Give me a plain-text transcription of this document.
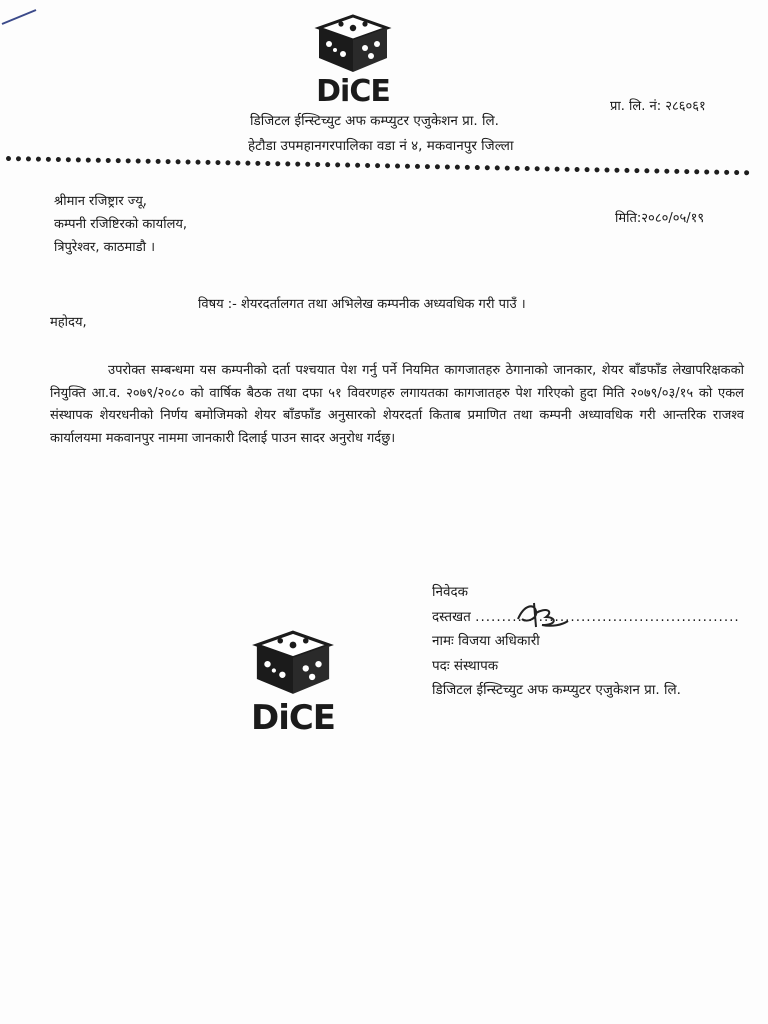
DiCE
डिजिटल ईन्स्टिच्युट अफ कम्प्युटर एजुकेशन प्रा. लि.
हेटौडा उपमहानगरपालिका वडा नं ४, मकवानपुर जिल्ला
प्रा. लि. नं: २८६०६१
श्रीमान रजिष्ट्रार ज्यू,
कम्पनी रजिष्टिरको कार्यालय,
त्रिपुरेश्वर, काठमाडौ ।
मिति:२०८०/०५/१९
विषय :- शेयरदर्तालगत तथा अभिलेख कम्पनीक अध्यवधिक गरी पाउँ ।
महोदय,
उपरोक्त सम्बन्धमा यस कम्पनीको दर्ता पश्चयात पेश गर्नु पर्ने नियमित कागजातहरु ठेगानाको जानकार, शेयर बाँडफाँड लेखापरिक्षकको नियुक्ति आ.व. २०७९/२०८० को वार्षिक बैठक तथा दफा ५१ विवरणहरु लगायतका कागजातहरु पेश गरिएको हुदा मिति २०७९/०३/१५ को एकल संस्थापक शेयरधनीको निर्णय बमोजिमको शेयर बाँडफाँड अनुसारको शेयरदर्ता किताब प्रमाणित तथा कम्पनी अध्यावधिक गरी आन्तरिक राजश्व कार्यालयमा मकवानपुर नाममा जानकारी दिलाई पाउन सादर अनुरोध गर्दछु।
निवेदक
दस्तखत ..................................................
नामः विजया अधिकारी
पदः संस्थापक
डिजिटल ईन्स्टिच्युट अफ कम्प्युटर एजुकेशन प्रा. लि.
DiCE
